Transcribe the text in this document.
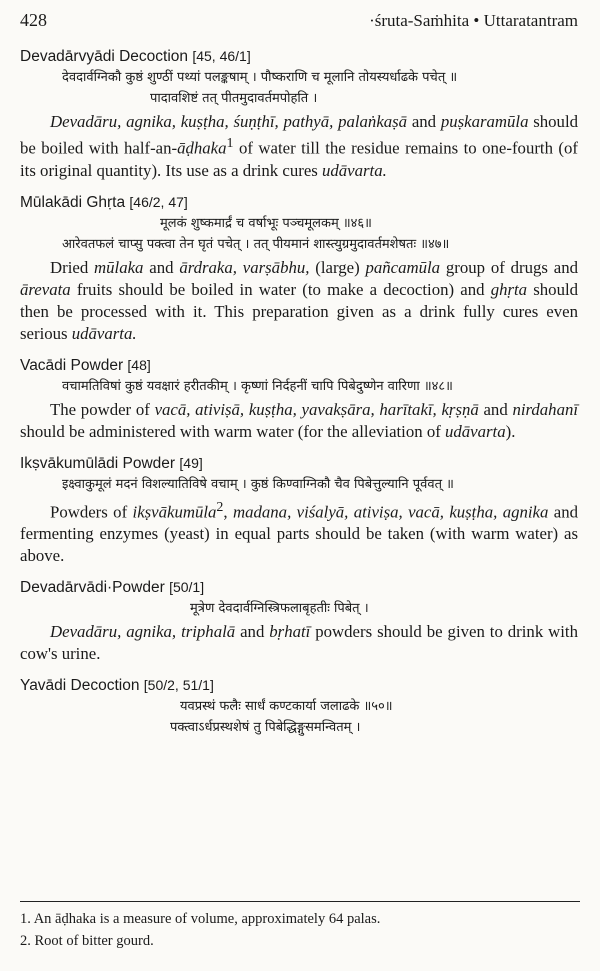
428	·śruta-Saṁhita • Uttaratantram
Devadārvyādi Decoction [45, 46/1]
देवदार्वग्निकौ कुष्ठं शुण्ठीं पथ्यां पलङ्कषाम् । पौष्कराणि च मूलानि तोयस्यर्धाढके पचेत् ॥
पादावशिष्टं तत् पीतमुदावर्तमपोहति ।

Devadāru, agnika, kuṣṭha, śuṇṭhī, pathyā, palaṅkaṣā and puṣkaramūla should be boiled with half-an-āḍhaka$^1$ of water till the residue remains to one-fourth (of its original quantity). Its use as a drink cures udāvarta.

Mūlakādi Ghṛta [46/2, 47]
मूलकं शुष्कमार्द्रं च वर्षाभूः पञ्चमूलकम् ॥४६॥
आरेवतफलं चाप्सु पक्त्वा तेन घृतं पचेत् । तत् पीयमानं शास्त्युग्रमुदावर्तमशेषतः ॥४७॥

Dried mūlaka and ārdraka, varṣābhu, (large) pañcamūla group of drugs and ārevata fruits should be boiled in water (to make a decoction) and ghṛta should then be processed with it. This preparation given as a drink fully cures even serious udāvarta.

Vacādi Powder [48]
वचामतिविषां कुष्ठं यवक्षारं हरीतकीम् । कृष्णां निर्दहनीं चापि पिबेदुष्णेन वारिणा ॥४८॥

The powder of vacā, ativiṣā, kuṣṭha, yavakṣāra, harītakī, kṛṣṇā and nirdahanī should be administered with warm water (for the alleviation of udāvarta).

Ikṣvākumūlādi Powder [49]
इक्ष्वाकुमूलं मदनं विशल्यातिविषे वचाम् । कुष्ठं किण्वाग्निकौ चैव पिबेत्तुल्यानि पूर्ववत् ॥

Powders of ikṣvākumūla$^2$, madana, viśalyā, ativiṣa, vacā, kuṣṭha, agnika and fermenting enzymes (yeast) in equal parts should be taken (with warm water) as above.

Devadārvādi·Powder [50/1]
मूत्रेण देवदार्वग्निस्त्रिफलाबृहतीः पिबेत् ।

Devadāru, agnika, triphalā and bṛhatī powders should be given to drink with cow's urine.

Yavādi Decoction [50/2, 51/1]
यवप्रस्थं फलैः सार्धं कण्टकार्या जलाढके ॥५०॥
पक्त्वाऽर्धप्रस्थशेषं तु पिबेद्धिङ्गुसमन्वितम् ।
1. An āḍhaka is a measure of volume, approximately 64 palas.
2. Root of bitter gourd.
